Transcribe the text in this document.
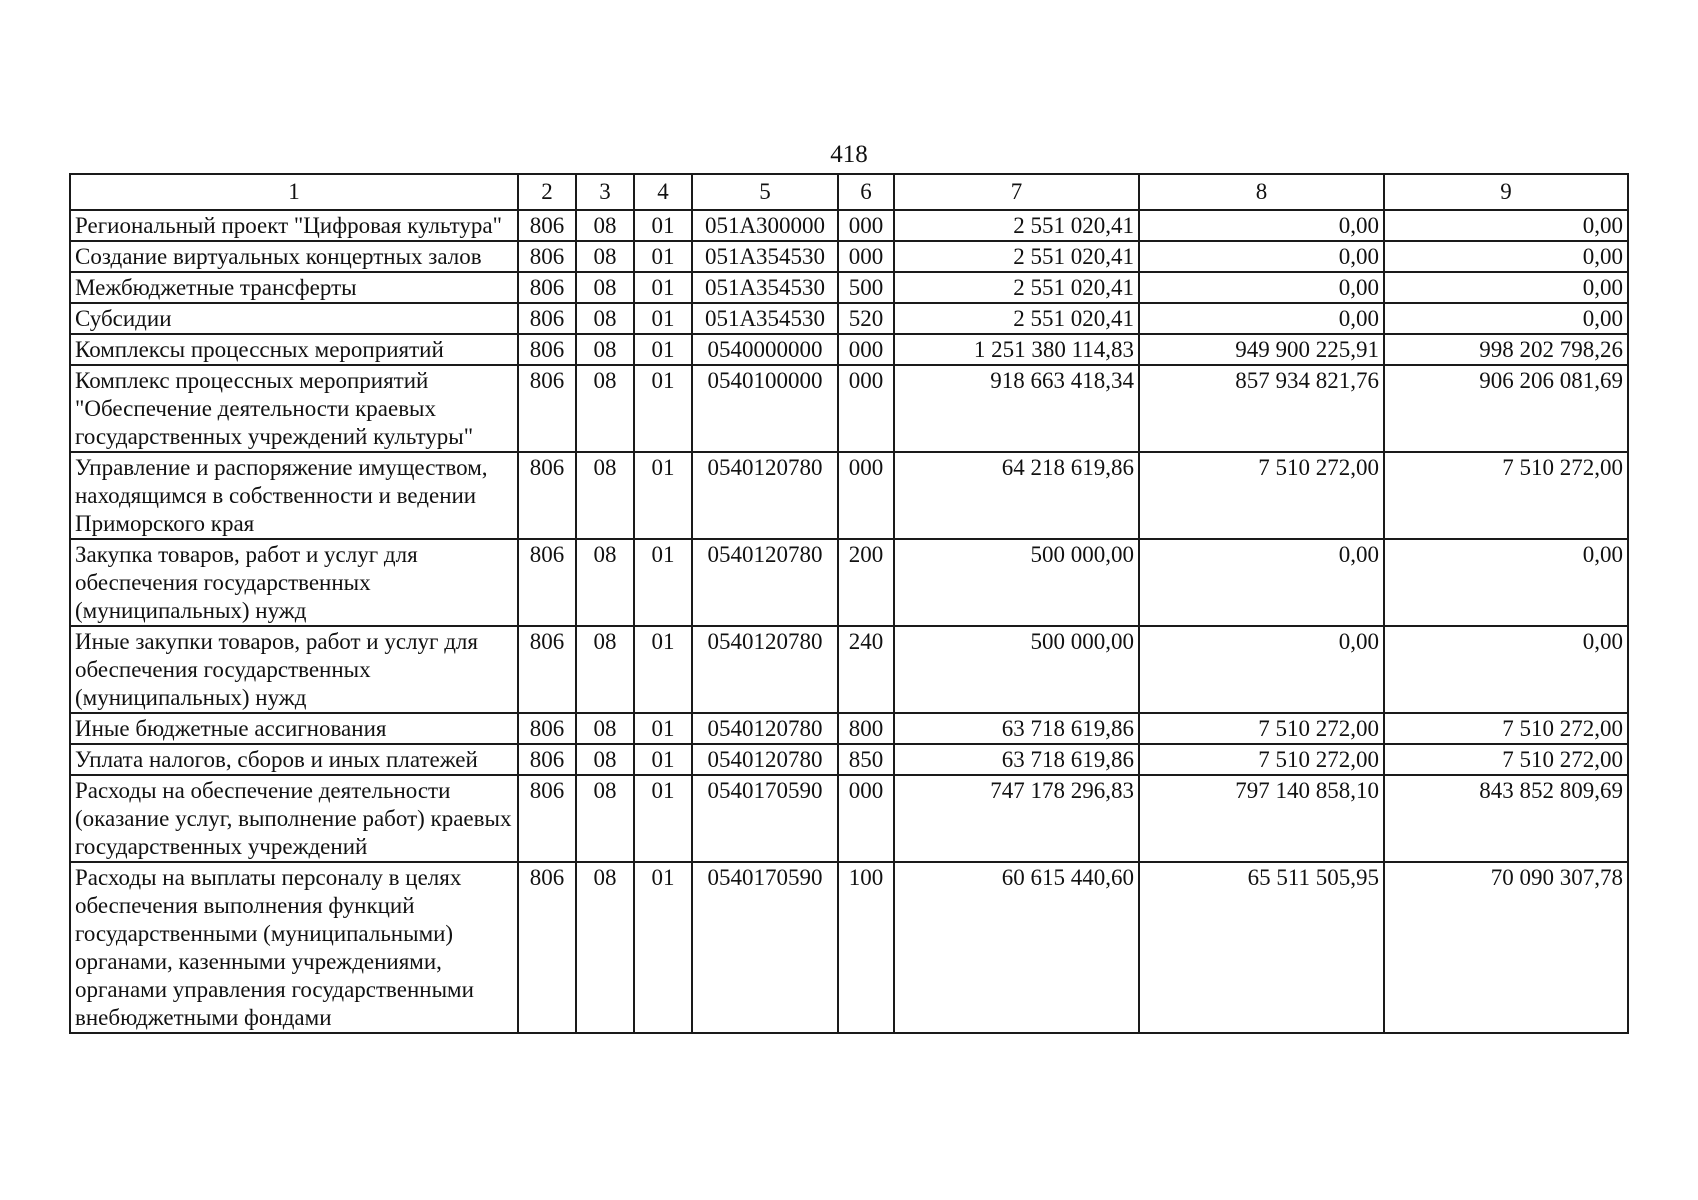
418
1	2	3	4	5	6	7	8	9
Региональный проект "Цифровая культура"	806	08	01	051A300000	000	2 551 020,41	0,00	0,00
Создание виртуальных концертных залов	806	08	01	051A354530	000	2 551 020,41	0,00	0,00
Межбюджетные трансферты	806	08	01	051A354530	500	2 551 020,41	0,00	0,00
Субсидии	806	08	01	051A354530	520	2 551 020,41	0,00	0,00
Комплексы процессных мероприятий	806	08	01	0540000000	000	1 251 380 114,83	949 900 225,91	998 202 798,26
Комплекс процессных мероприятий "Обеспечение деятельности краевых государственных учреждений культуры"	806	08	01	0540100000	000	918 663 418,34	857 934 821,76	906 206 081,69
Управление и распоряжение имуществом, находящимся в собственности и ведении Приморского края	806	08	01	0540120780	000	64 218 619,86	7 510 272,00	7 510 272,00
Закупка товаров, работ и услуг для обеспечения государственных (муниципальных) нужд	806	08	01	0540120780	200	500 000,00	0,00	0,00
Иные закупки товаров, работ и услуг для обеспечения государственных (муниципальных) нужд	806	08	01	0540120780	240	500 000,00	0,00	0,00
Иные бюджетные ассигнования	806	08	01	0540120780	800	63 718 619,86	7 510 272,00	7 510 272,00
Уплата налогов, сборов и иных платежей	806	08	01	0540120780	850	63 718 619,86	7 510 272,00	7 510 272,00
Расходы на обеспечение деятельности (оказание услуг, выполнение работ) краевых государственных учреждений	806	08	01	0540170590	000	747 178 296,83	797 140 858,10	843 852 809,69
Расходы на выплаты персоналу в целях обеспечения выполнения функций государственными (муниципальными) органами, казенными учреждениями, органами управления государственными внебюджетными фондами	806	08	01	0540170590	100	60 615 440,60	65 511 505,95	70 090 307,78
